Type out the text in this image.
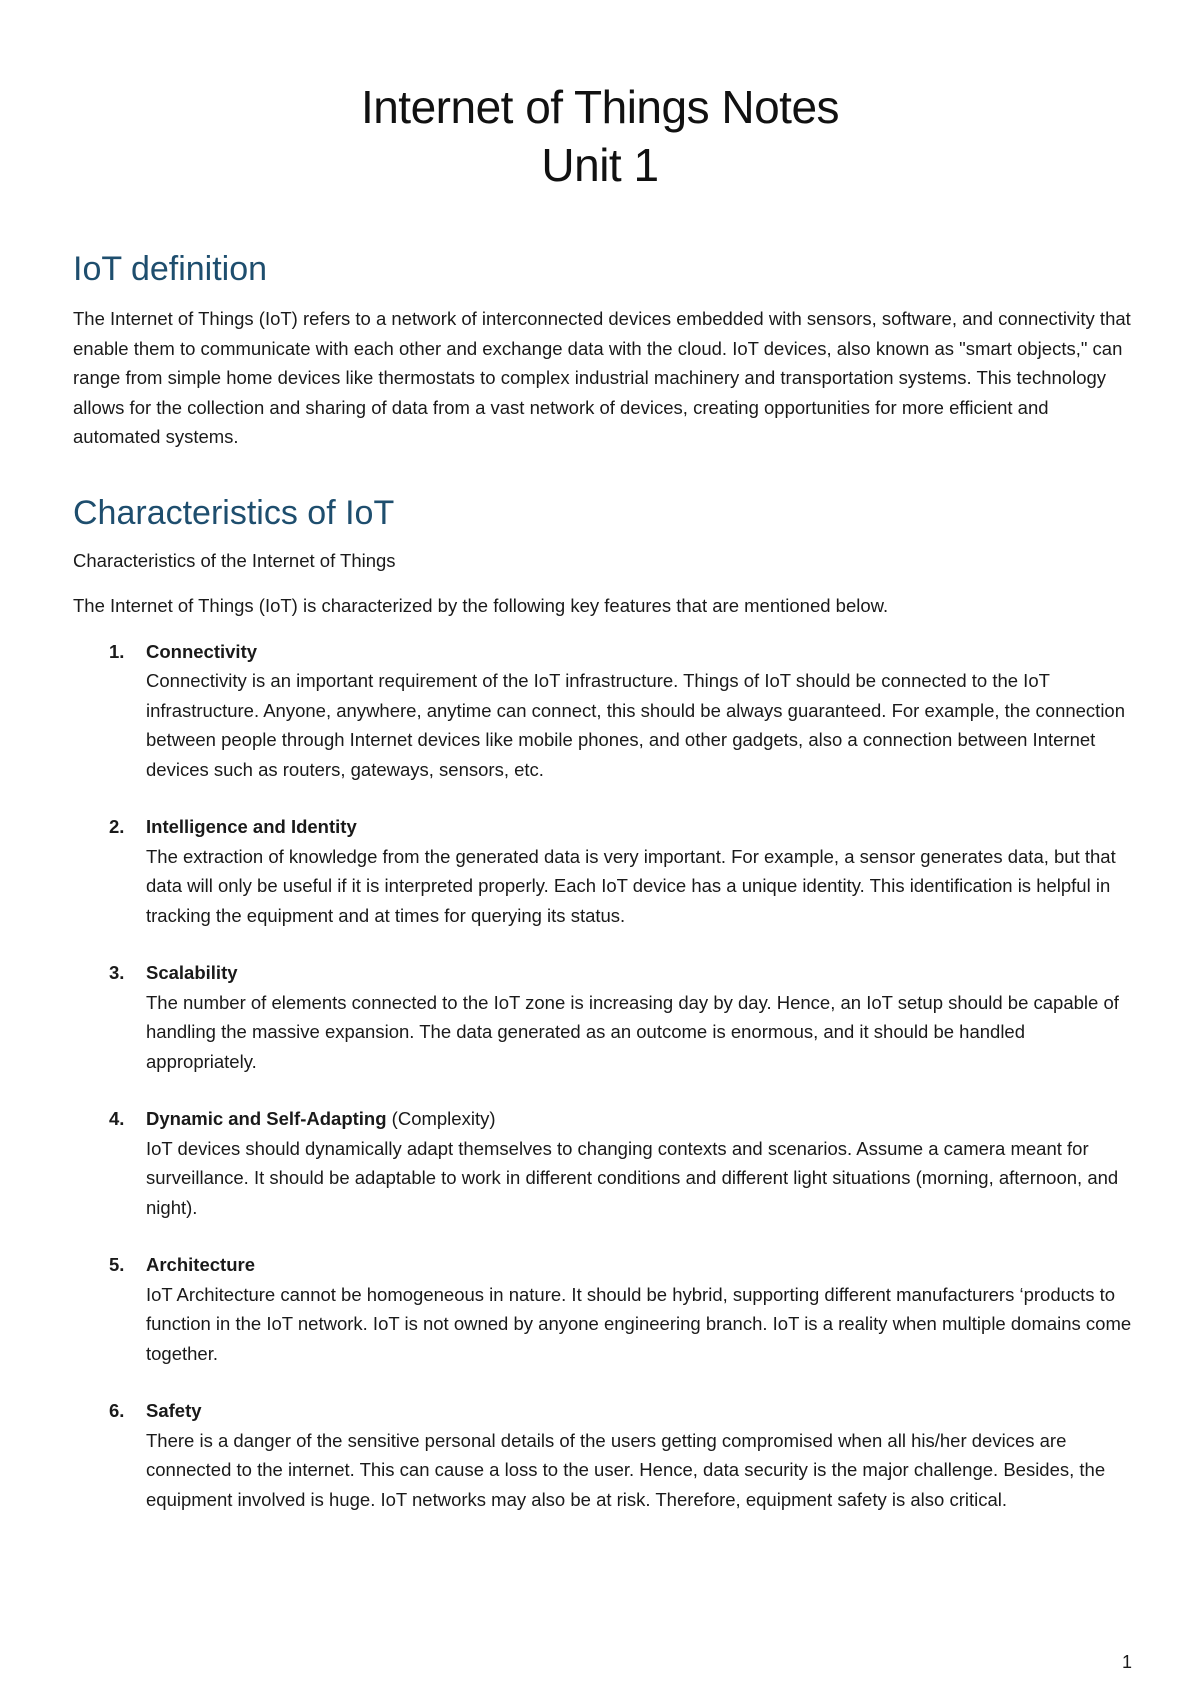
Internet of Things Notes
Unit 1
IoT definition

The Internet of Things (IoT) refers to a network of interconnected devices embedded with sensors, software, and connectivity that enable them to communicate with each other and exchange data with the cloud. IoT devices, also known as "smart objects," can range from simple home devices like thermostats to complex industrial machinery and transportation systems. This technology allows for the collection and sharing of data from a vast network of devices, creating opportunities for more efficient and automated systems.

Characteristics of IoT

Characteristics of the Internet of Things

The Internet of Things (IoT) is characterized by the following key features that are mentioned below.

1. Connectivity
Connectivity is an important requirement of the IoT infrastructure. Things of IoT should be connected to the IoT infrastructure. Anyone, anywhere, anytime can connect, this should be always guaranteed. For example, the connection between people through Internet devices like mobile phones, and other gadgets, also a connection between Internet devices such as routers, gateways, sensors, etc.
2. Intelligence and Identity
The extraction of knowledge from the generated data is very important. For example, a sensor generates data, but that data will only be useful if it is interpreted properly. Each IoT device has a unique identity. This identification is helpful in tracking the equipment and at times for querying its status.
3. Scalability
The number of elements connected to the IoT zone is increasing day by day. Hence, an IoT setup should be capable of handling the massive expansion. The data generated as an outcome is enormous, and it should be handled appropriately.
4. Dynamic and Self-Adapting (Complexity)
IoT devices should dynamically adapt themselves to changing contexts and scenarios. Assume a camera meant for surveillance. It should be adaptable to work in different conditions and different light situations (morning, afternoon, and night).
5. Architecture
IoT Architecture cannot be homogeneous in nature. It should be hybrid, supporting different manufacturers ‘products to function in the IoT network. IoT is not owned by anyone engineering branch. IoT is a reality when multiple domains come together.
6. Safety
There is a danger of the sensitive personal details of the users getting compromised when all his/her devices are connected to the internet. This can cause a loss to the user. Hence, data security is the major challenge. Besides, the equipment involved is huge. IoT networks may also be at risk. Therefore, equipment safety is also critical.
1
